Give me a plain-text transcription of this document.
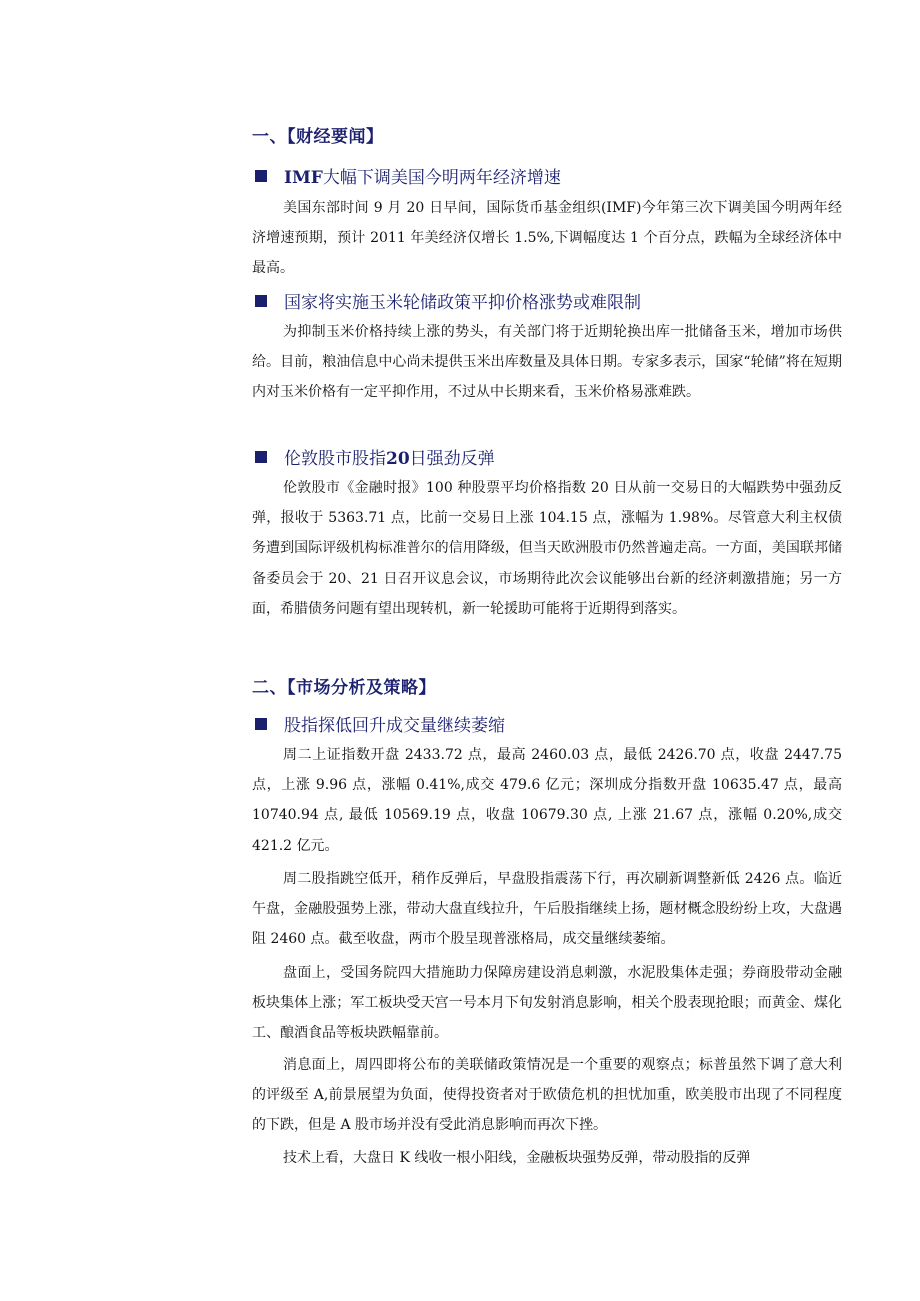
一、【财经要闻】
IMF大幅下调美国今明两年经济增速

美国东部时间 9 月 20 日早间，国际货币基金组织(IMF)今年第三次下调美国今明两年经济增速预期，预计 2011 年美经济仅增长 1.5%,下调幅度达 1 个百分点，跌幅为全球经济体中最高。

国家将实施玉米轮储政策平抑价格涨势或难限制

为抑制玉米价格持续上涨的势头，有关部门将于近期轮换出库一批储备玉米，增加市场供给。目前，粮油信息中心尚未提供玉米出库数量及具体日期。专家多表示，国家“轮储”将在短期内对玉米价格有一定平抑作用，不过从中长期来看，玉米价格易涨难跌。

伦敦股市股指20日强劲反弹

伦敦股市《金融时报》100 种股票平均价格指数 20 日从前一交易日的大幅跌势中强劲反弹，报收于 5363.71 点，比前一交易日上涨 104.15 点，涨幅为 1.98%。尽管意大利主权债务遭到国际评级机构标准普尔的信用降级，但当天欧洲股市仍然普遍走高。一方面，美国联邦储备委员会于 20、21 日召开议息会议，市场期待此次会议能够出台新的经济刺激措施；另一方面，希腊债务问题有望出现转机，新一轮援助可能将于近期得到落实。

二、【市场分析及策略】
股指探低回升成交量继续萎缩

周二上证指数开盘 2433.72 点，最高 2460.03 点，最低 2426.70 点，收盘 2447.75 点，上涨 9.96 点，涨幅 0.41%,成交 479.6 亿元；深圳成分指数开盘 10635.47 点，最高 10740.94 点, 最低 10569.19 点，收盘 10679.30 点, 上涨 21.67 点，涨幅 0.20%,成交 421.2 亿元。

周二股指跳空低开，稍作反弹后，早盘股指震荡下行，再次刷新调整新低 2426 点。临近午盘，金融股强势上涨，带动大盘直线拉升，午后股指继续上扬，题材概念股纷纷上攻，大盘遇阻 2460 点。截至收盘，两市个股呈现普涨格局，成交量继续萎缩。

盘面上，受国务院四大措施助力保障房建设消息刺激，水泥股集体走强；券商股带动金融板块集体上涨；军工板块受天宫一号本月下旬发射消息影响，相关个股表现抢眼；而黄金、煤化工、酿酒食品等板块跌幅靠前。

消息面上，周四即将公布的美联储政策情况是一个重要的观察点；标普虽然下调了意大利的评级至 A,前景展望为负面，使得投资者对于欧债危机的担忧加重，欧美股市出现了不同程度的下跌，但是 A 股市场并没有受此消息影响而再次下挫。

技术上看，大盘日 K 线收一根小阳线，金融板块强势反弹，带动股指的反弹
